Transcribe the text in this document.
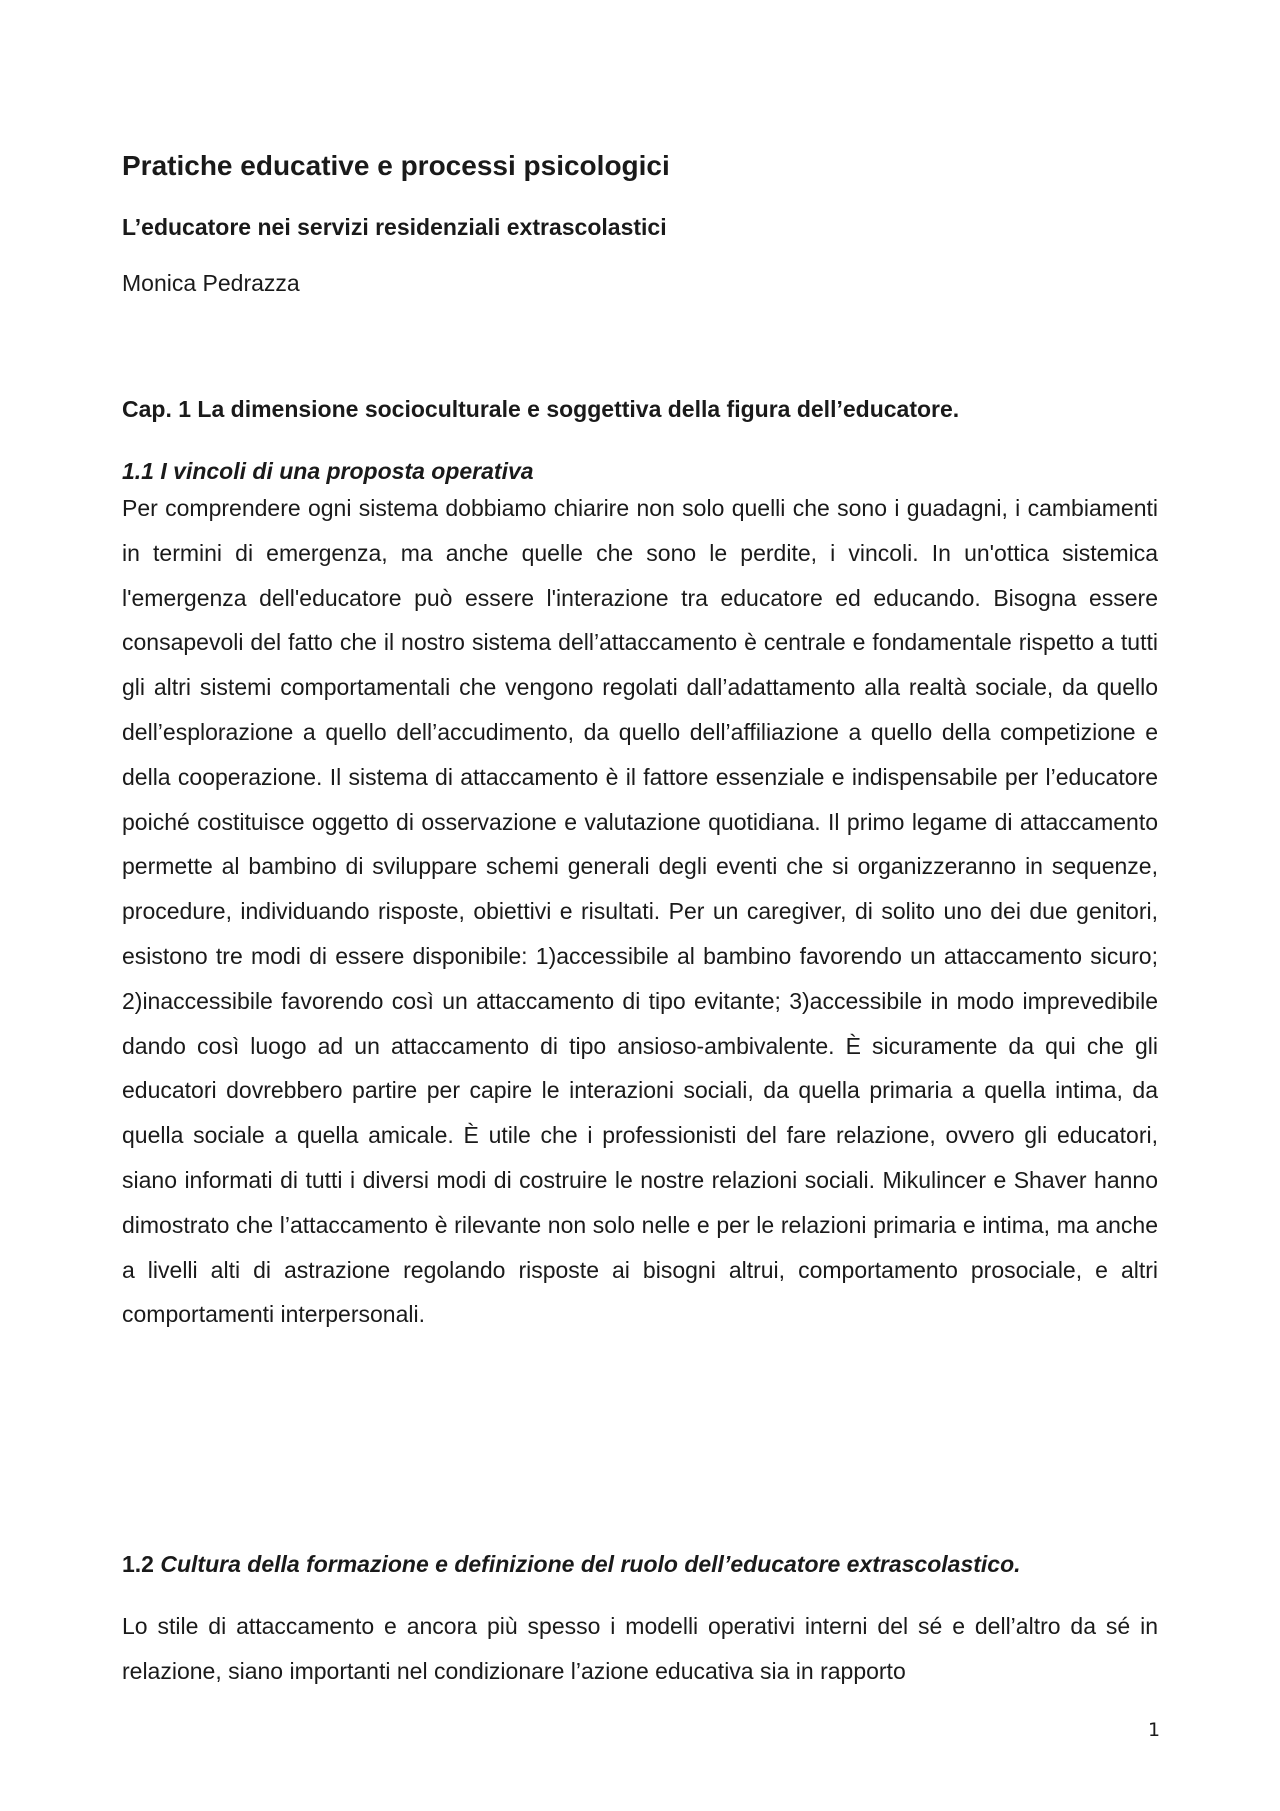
Pratiche educative e processi psicologici
L’educatore nei servizi residenziali extrascolastici

Monica Pedrazza

Cap. 1 La dimensione socioculturale e soggettiva della figura dell’educatore.
1.1 I vincoli di una proposta operativa

Per comprendere ogni sistema dobbiamo chiarire non solo quelli che sono i guadagni, i cambiamenti in termini di emergenza, ma anche quelle che sono le perdite, i vincoli. In un'ottica sistemica l'emergenza dell'educatore può essere l'interazione tra educatore ed educando. Bisogna essere consapevoli del fatto che il nostro sistema dell’attaccamento è centrale e fondamentale rispetto a tutti gli altri sistemi comportamentali che vengono regolati dall’adattamento alla realtà sociale, da quello dell’esplorazione a quello dell’accudimento, da quello dell’affiliazione a quello della competizione e della cooperazione. Il sistema di attaccamento è il fattore essenziale e indispensabile per l’educatore poiché costituisce oggetto di osservazione e valutazione quotidiana. Il primo legame di attaccamento permette al bambino di sviluppare schemi generali degli eventi che si organizzeranno in sequenze, procedure, individuando risposte, obiettivi e risultati. Per un caregiver, di solito uno dei due genitori, esistono tre modi di essere disponibile: 1)accessibile al bambino favorendo un attaccamento sicuro; 2)inaccessibile favorendo così un attaccamento di tipo evitante; 3)accessibile in modo imprevedibile dando così luogo ad un attaccamento di tipo ansioso-ambivalente. È sicuramente da qui che gli educatori dovrebbero partire per capire le interazioni sociali, da quella primaria a quella intima, da quella sociale a quella amicale. È utile che i professionisti del fare relazione, ovvero gli educatori, siano informati di tutti i diversi modi di costruire le nostre relazioni sociali. Mikulincer e Shaver hanno dimostrato che l’attaccamento è rilevante non solo nelle e per le relazioni primaria e intima, ma anche a livelli alti di astrazione regolando risposte ai bisogni altrui, comportamento prosociale, e altri comportamenti interpersonali.

1.2 Cultura della formazione e definizione del ruolo dell’educatore extrascolastico.

Lo stile di attaccamento e ancora più spesso i modelli operativi interni del sé e dell’altro da sé in relazione, siano importanti nel condizionare l’azione educativa sia in rapporto

1
